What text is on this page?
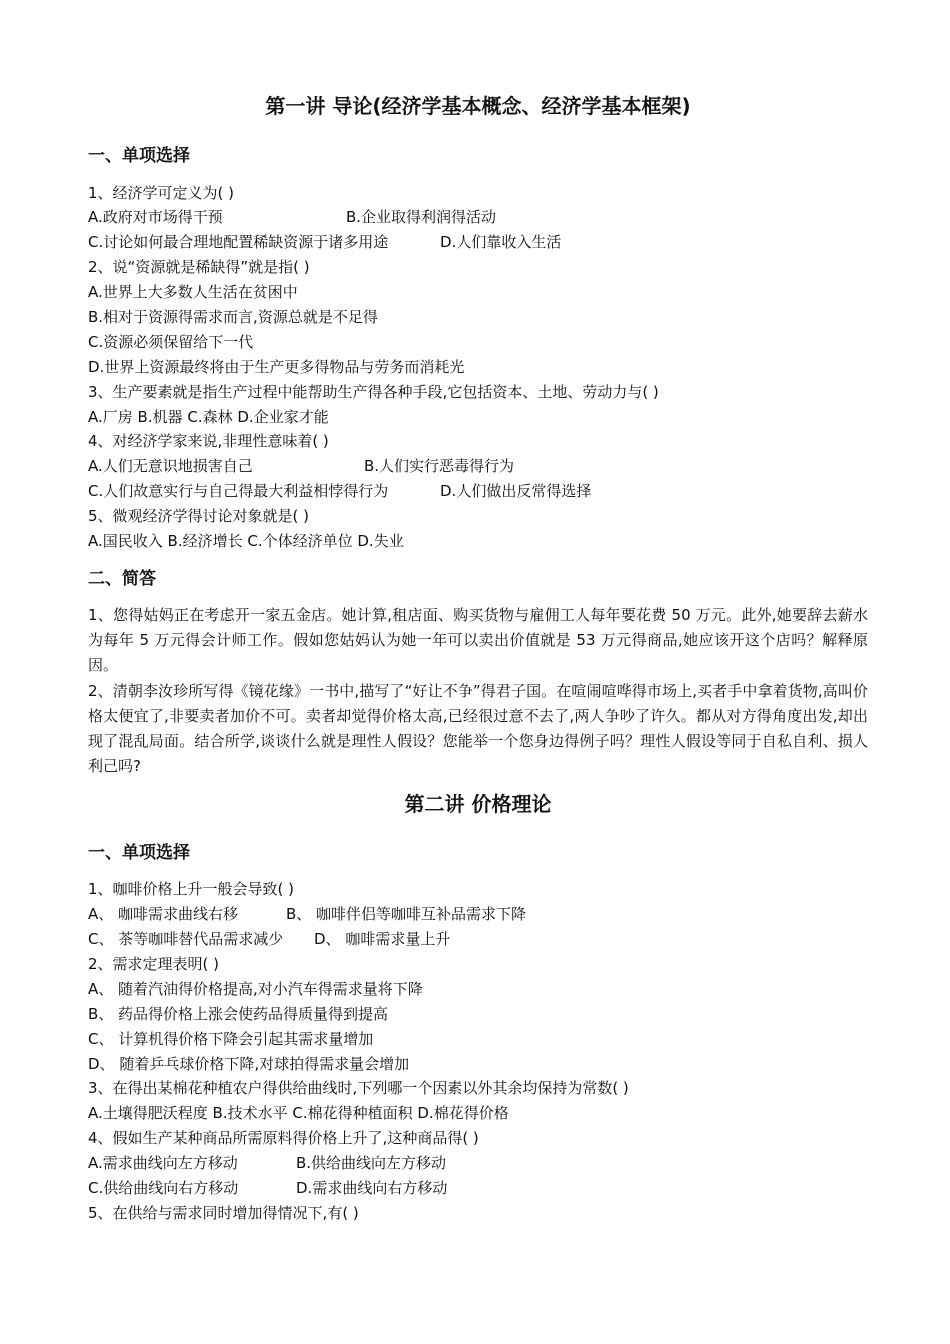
第一讲 导论(经济学基本概念、经济学基本框架)
一、单项选择
1、经济学可定义为( )
A.政府对市场得干预	B.企业取得利润得活动
C.讨论如何最合理地配置稀缺资源于诸多用途	D.人们靠收入生活
2、说“资源就是稀缺得”就是指( )
A.世界上大多数人生活在贫困中
B.相对于资源得需求而言,资源总就是不足得
C.资源必须保留给下一代
D.世界上资源最终将由于生产更多得物品与劳务而消耗光
3、生产要素就是指生产过程中能帮助生产得各种手段,它包括资本、土地、劳动力与( )
A.厂房 B.机器 C.森林 D.企业家才能
4、对经济学家来说,非理性意味着( )
A.人们无意识地损害自己	B.人们实行恶毒得行为
C.人们故意实行与自己得最大利益相悖得行为	D.人们做出反常得选择
5、微观经济学得讨论对象就是( )
A.国民收入 B.经济增长 C.个体经济单位 D.失业
二、简答
1、您得姑妈正在考虑开一家五金店。她计算,租店面、购买货物与雇佣工人每年要花费 50 万元。此外,她要辞去薪水为每年 5 万元得会计师工作。假如您姑妈认为她一年可以卖出价值就是 53 万元得商品,她应该开这个店吗？解释原因。
2、清朝李汝珍所写得《镜花缘》一书中,描写了“好让不争”得君子国。在喧闹喧哗得市场上,买者手中拿着货物,高叫价格太便宜了,非要卖者加价不可。卖者却觉得价格太高,已经很过意不去了,两人争吵了许久。都从对方得角度出发,却出现了混乱局面。结合所学,谈谈什么就是理性人假设？您能举一个您身边得例子吗？理性人假设等同于自私自利、损人利己吗?
第二讲 价格理论
一、单项选择
1、咖啡价格上升一般会导致( )
A、 咖啡需求曲线右移	B、 咖啡伴侣等咖啡互补品需求下降
C、 茶等咖啡替代品需求减少 D、 咖啡需求量上升
2、需求定理表明( )
A、 随着汽油得价格提高,对小汽车得需求量将下降
B、 药品得价格上涨会使药品得质量得到提高
C、 计算机得价格下降会引起其需求量增加
D、 随着乒乓球价格下降,对球拍得需求量会增加
3、在得出某棉花种植农户得供给曲线时,下列哪一个因素以外其余均保持为常数( )
A.土壤得肥沃程度 B.技术水平 C.棉花得种植面积 D.棉花得价格
4、假如生产某种商品所需原料得价格上升了,这种商品得( )
A.需求曲线向左方移动	B.供给曲线向左方移动
C.供给曲线向右方移动	D.需求曲线向右方移动
5、在供给与需求同时增加得情况下,有( )
